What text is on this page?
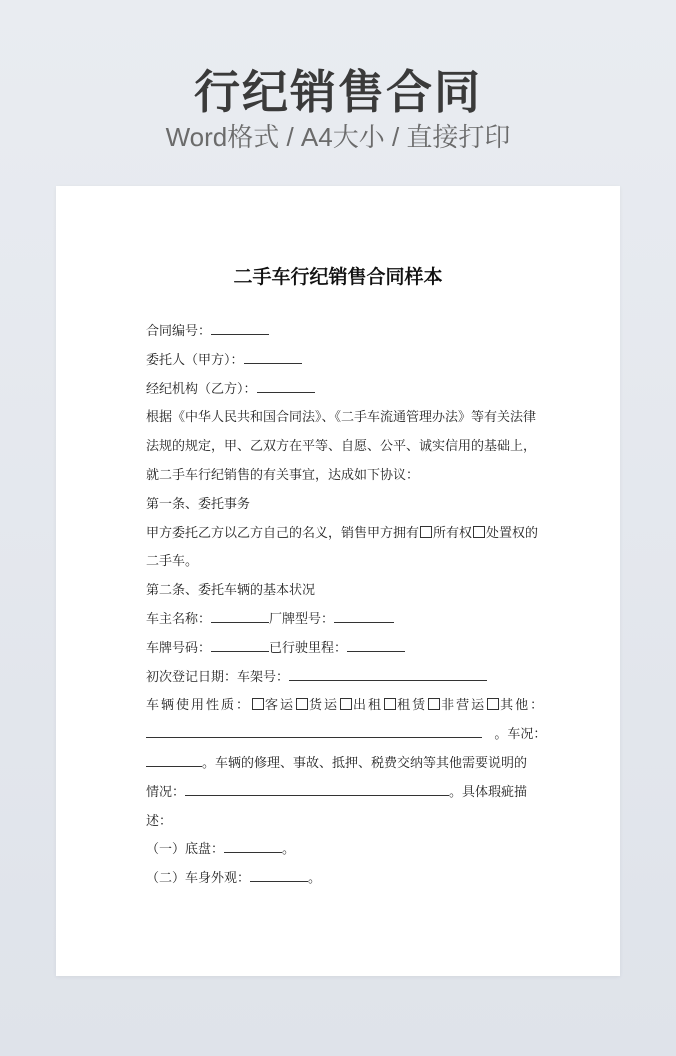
行纪销售合同
Word格式 / A4大小 / 直接打印
二手车行纪销售合同样本
合同编号：
委托人（甲方）：
经纪机构（乙方）：
根据《中华人民共和国合同法》、《二手车流通管理办法》等有关法律
法规的规定，甲、乙双方在平等、自愿、公平、诚实信用的基础上，
就二手车行纪销售的有关事宜，达成如下协议：
第一条、委托事务
甲方委托乙方以乙方自己的名义，销售甲方拥有 所有权 处置权的
二手车。
第二条、委托车辆的基本状况
车主名称：	厂牌型号：
车牌号码：	已行驶里程：
初次登记日期：车架号：
车辆使用性质： 客运 货运 出租 租赁 非营运 其他：
。车况：
。车辆的修理、事故、抵押、税费交纳等其他需要说明的
情况：	。具体瑕疵描
述：
（一）底盘：	。
（二）车身外观：	。
